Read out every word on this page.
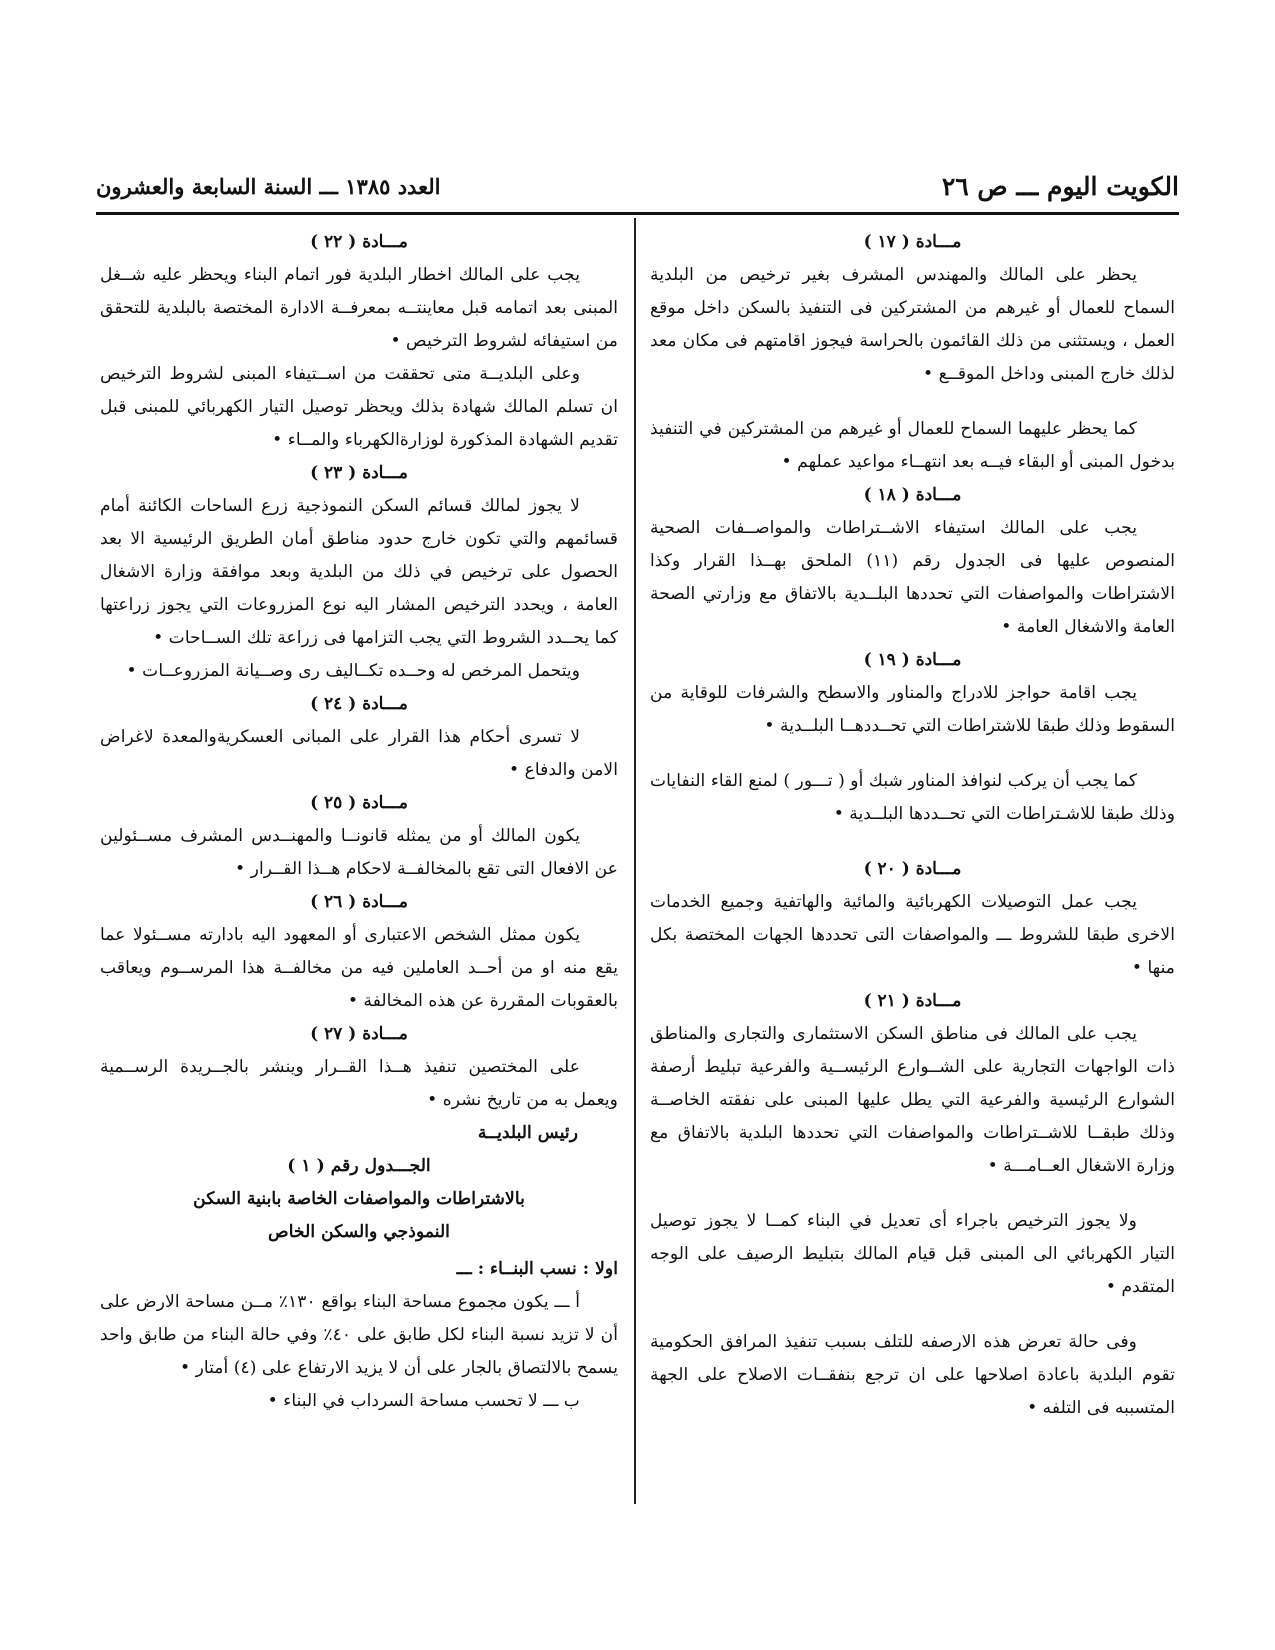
الكويت اليوم ـــ ص ٢٦
العدد ١٣٨٥ ـــ السنة السابعة والعشرون
مـــادة ( ١٧ )

يحظر على المالك والمهندس المشرف بغير ترخيص من البلدية السماح للعمال أو غيرهم من المشتركين فى التنفيذ بالسكن داخل موقع العمل ، ويستثنى من ذلك القائمون بالحراسة فيجوز اقامتهم فى مكان معد لذلك خارج المبنى وداخل الموقــع •

كما يحظر عليهما السماح للعمال أو غيرهم من المشتركين في التنفيذ بدخول المبنى أو البقاء فيــه بعد انتهــاء مواعيد عملهم •

مـــادة ( ١٨ )

يجب على المالك استيفاء الاشــتراطات والمواصــفات الصحية المنصوص عليها فى الجدول رقم (١١) الملحق بهــذا القرار وكذا الاشتراطات والمواصفات التي تحددها البلــدية بالاتفاق مع وزارتي الصحة العامة والاشغال العامة •

مـــادة ( ١٩ )

يجب اقامة حواجز للادراج والمناور والاسطح والشرفات للوقاية من السقوط وذلك طبقا للاشتراطات التي تحــددهــا البلــدية •

كما يجب أن يركب لنوافذ المناور شبك أو ( تـــور ) لمنع القاء النفايات وذلك طبقا للاشـتراطات التي تحــددها البلــدية •

مـــادة ( ٢٠ )

يجب عمل التوصيلات الكهربائية والمائية والهاتفية وجميع الخدمات الاخرى طبقا للشروط ـــ والمواصفات التى تحددها الجهات المختصة بكل منها •

مـــادة ( ٢١ )

يجب على المالك فى مناطق السكن الاستثمارى والتجارى والمناطق ذات الواجهات التجارية على الشــوارع الرئيســية والفرعية تبليط أرصفة الشوارع الرئيسية والفرعية التي يطل عليها المبنى على نفقته الخاصــة وذلك طبقــا للاشــتراطات والمواصفات التي تحددها البلدية بالاتفاق مع وزارة الاشغال العــامـــة •

ولا يجوز الترخيص باجراء أى تعديل في البناء كمــا لا يجوز توصيل التيار الكهربائي الى المبنى قبل قيام المالك بتبليط الرصيف على الوجه المتقدم •

وفى حالة تعرض هذه الارصفه للتلف بسبب تنفيذ المرافق الحكومية تقوم البلدية باعادة اصلاحها على ان ترجع بنفقــات الاصلاح على الجهة المتسببه فى التلفه •

مـــادة ( ٢٢ )

يجب على المالك اخطار البلدية فور اتمام البناء ويحظر عليه شــغل المبنى بعد اتمامه قبل معاينتــه بمعرفــة الادارة المختصة بالبلدية للتحقق من استيفائه لشروط الترخيص •

وعلى البلديــة متى تحققت من اســتيفاء المبنى لشروط الترخيص ان تسلم المالك شهادة بذلك ويحظر توصيل التيار الكهربائي للمبنى قبل تقديم الشهادة المذكورة لوزارةالكهرباء والمــاء •

مـــادة ( ٢٣ )

لا يجوز لمالك قسائم السكن النموذجية زرع الساحات الكائنة أمام قسائمهم والتي تكون خارج حدود مناطق أمان الطريق الرئيسية الا بعد الحصول على ترخيص في ذلك من البلدية وبعد موافقة وزارة الاشغال العامة ، ويحدد الترخيص المشار اليه نوع المزروعات التي يجوز زراعتها كما يحــدد الشروط التي يجب التزامها فى زراعة تلك الســاحات •

ويتحمل المرخص له وحــده تكــاليف رى وصــيانة المزروعــات •

مـــادة ( ٢٤ )

لا تسرى أحكام هذا القرار على المبانى العسكريةوالمعدة لاغراض الامن والدفاع •

مـــادة ( ٢٥ )

يكون المالك أو من يمثله قانونــا والمهنــدس المشرف مســئولين عن الافعال التى تقع بالمخالفــة لاحكام هــذا القــرار •

مـــادة ( ٢٦ )

يكون ممثل الشخص الاعتبارى أو المعهود اليه بادارته مســئولا عما يقع منه او من أحــد العاملين فيه من مخالفــة هذا المرســوم ويعاقب بالعقوبات المقررة عن هذه المخالفة •

مـــادة ( ٢٧ )

على المختصين تنفيذ هــذا القــرار وينشر بالجــريدة الرســمية ويعمل به من تاريخ نشره •

رئيس البلديــة
الجـــدول رقم ( ١ )
بالاشتراطات والمواصفات الخاصة بابنية السكن
النموذجي والسكن الخاص
اولا : نسب البنــاء : ـــ

أ ـــ يكون مجموع مساحة البناء بواقع ١٣٠٪ مــن مساحة الارض على أن لا تزيد نسبة البناء لكل طابق على ٤٠٪ وفي حالة البناء من طابق واحد يسمح بالالتصاق بالجار على أن لا يزيد الارتفاع على (٤) أمتار •

ب ـــ لا تحسب مساحة السرداب في البناء •
